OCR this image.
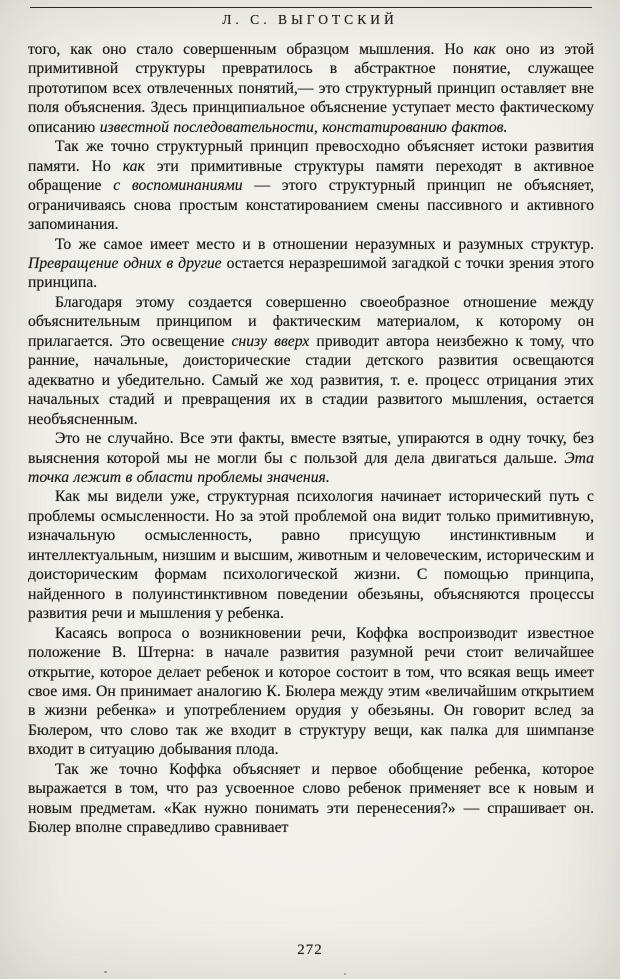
Л. С. ВЫГОТСКИЙ

того, как оно стало совершенным образцом мышления. Но как оно из этой примитивной структуры превратилось в абстрактное понятие, служащее прототипом всех отвлеченных понятий,— это структурный принцип оставляет вне поля объяснения. Здесь принципиальное объяснение уступает место фактическому описанию известной последовательности, констатированию фактов.

Так же точно структурный принцип превосходно объясняет истоки развития памяти. Но как эти примитивные структуры памяти переходят в активное обращение с воспоминаниями — этого структурный принцип не объясняет, ограничиваясь снова простым констатированием смены пассивного и активного запоминания.

То же самое имеет место и в отношении неразумных и разумных структур. Превращение одних в другие остается неразрешимой загадкой с точки зрения этого принципа.

Благодаря этому создается совершенно своеобразное отношение между объяснительным принципом и фактическим материалом, к которому он прилагается. Это освещение снизу вверх приводит автора неизбежно к тому, что ранние, начальные, доисторические стадии детского развития освещаются адекватно и убедительно. Самый же ход развития, т. е. процесс отрицания этих начальных стадий и превращения их в стадии развитого мышления, остается необъясненным.

Это не случайно. Все эти факты, вместе взятые, упираются в одну точку, без выяснения которой мы не могли бы с пользой для дела двигаться дальше. Эта точка лежит в области проблемы значения.

Как мы видели уже, структурная психология начинает исторический путь с проблемы осмысленности. Но за этой проблемой она видит только примитивную, изначальную осмысленность, равно присущую инстинктивным и интеллектуальным, низшим и высшим, животным и человеческим, историческим и доисторическим формам психологической жизни. С помощью принципа, найденного в полуинстинктивном поведении обезьяны, объясняются процессы развития речи и мышления у ребенка.

Касаясь вопроса о возникновении речи, Коффка воспроизводит известное положение В. Штерна: в начале развития разумной речи стоит величайшее открытие, которое делает ребенок и которое состоит в том, что всякая вещь имеет свое имя. Он принимает аналогию К. Бюлера между этим «величайшим открытием в жизни ребенка» и употреблением орудия у обезьяны. Он говорит вслед за Бюлером, что слово так же входит в структуру вещи, как палка для шимпанзе входит в ситуацию добывания плода.

Так же точно Коффка объясняет и первое обобщение ребенка, которое выражается в том, что раз усвоенное слово ребенок применяет все к новым и новым предметам. «Как нужно понимать эти перенесения?» — спрашивает он. Бюлер вполне справедливо сравнивает

272
